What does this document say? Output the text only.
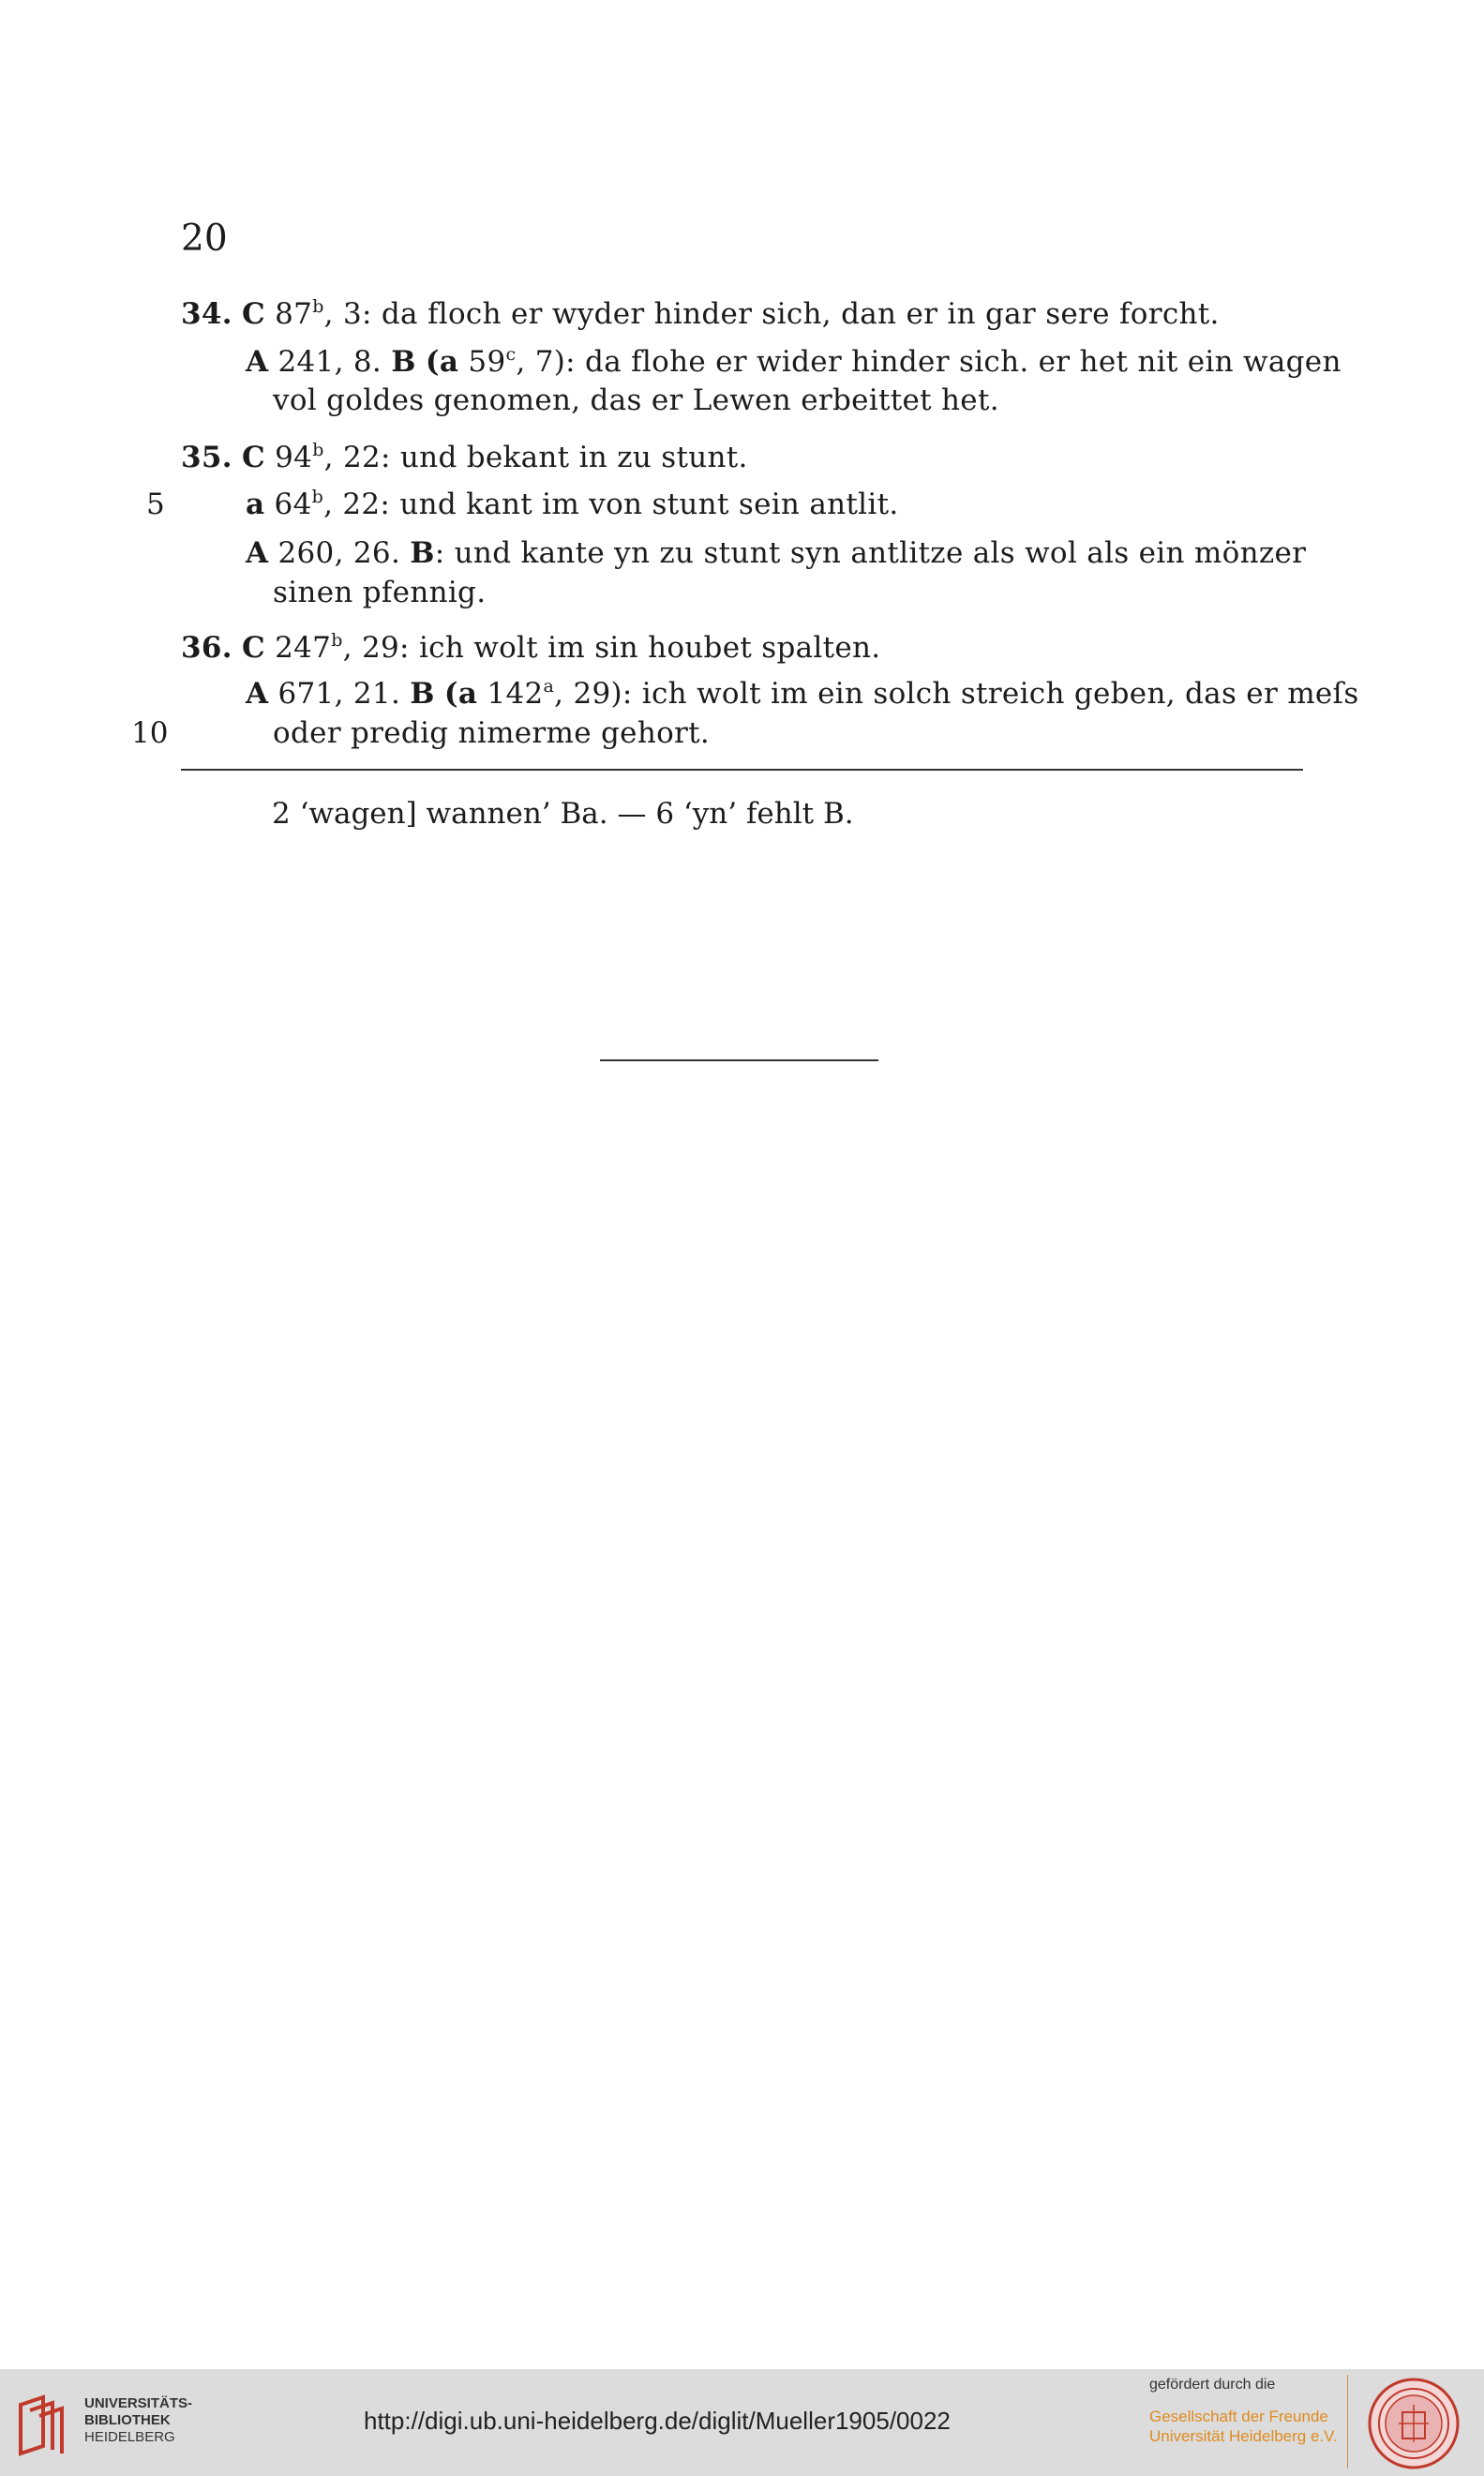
20
34. C 87$^b$, 3: da floch er wyder hinder sich, dan er in gar sere forcht.
A 241, 8. B (a 59$^c$, 7): da flohe er wider hinder sich. er het nit ein wagen
vol goldes genomen, das er Lewen erbeittet het.
35. C 94$^b$, 22: und bekant in zu stunt.
5	a 64$^b$, 22: und kant im von stunt sein antlit.
A 260, 26. B: und kante yn zu stunt syn antlitze als wol als ein mönzer
sinen pfennig.
36. C 247$^b$, 29: ich wolt im sin houbet spalten.
A 671, 21. B (a 142$^a$, 29): ich wolt im ein solch streich geben, das er meſs
10	oder predig nimerme gehort.
2 ‘wagen] wannen’ Ba. — 6 ‘yn’ fehlt B.
UNIVERSITÄTS-
BIBLIOTHEK
HEIDELBERG
http://digi.ub.uni-heidelberg.de/diglit/Mueller1905/0022
gefördert durch die
Gesellschaft der Freunde
Universität Heidelberg e.V.
